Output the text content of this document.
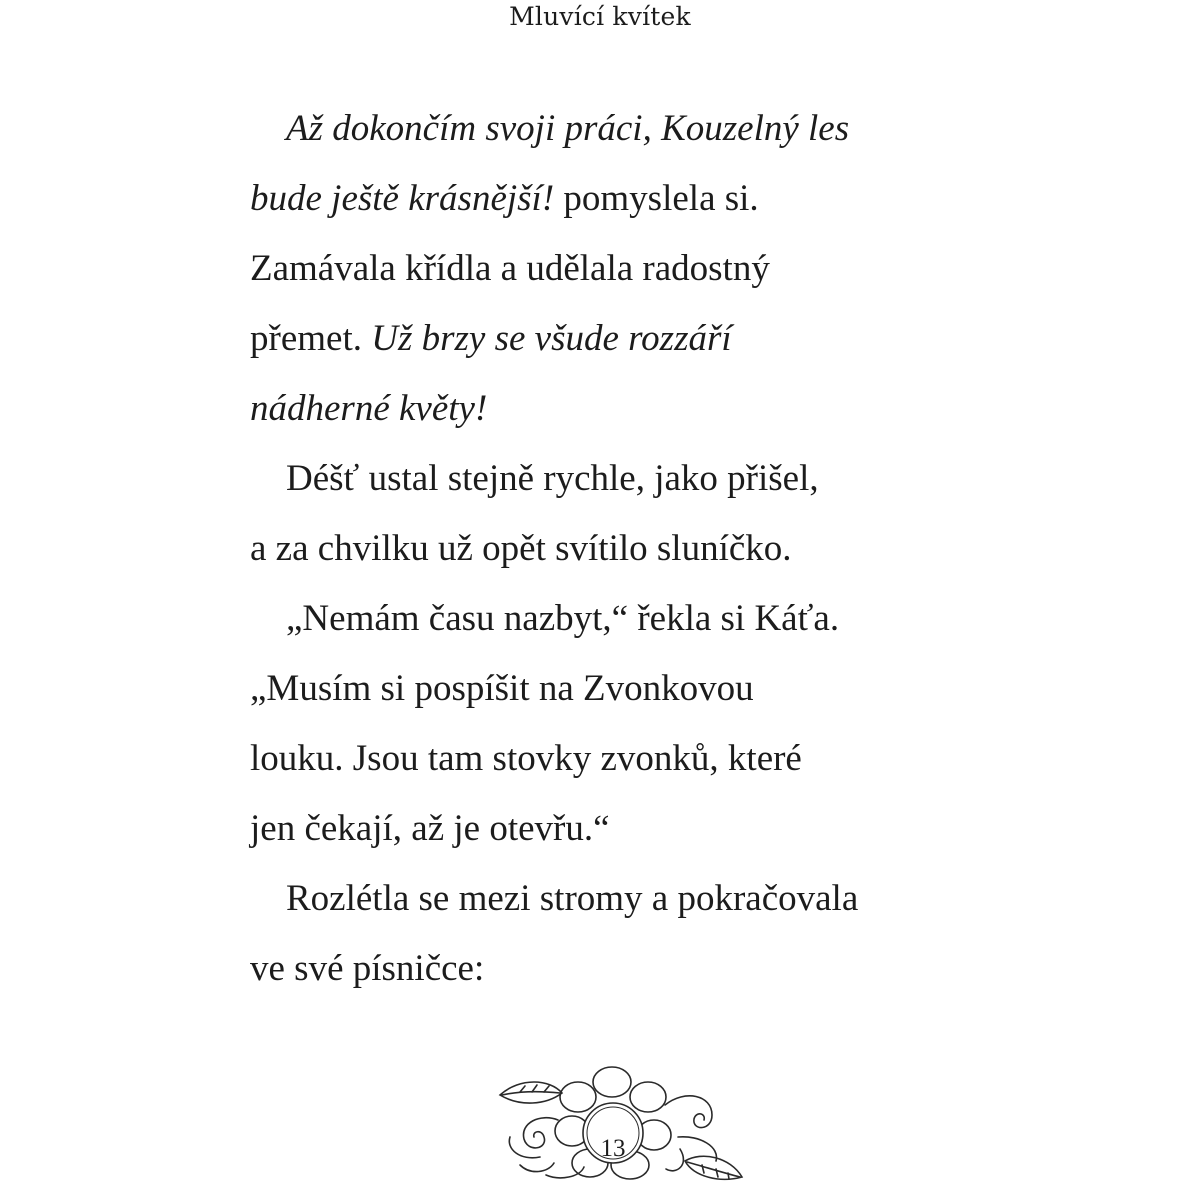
Mluvící kvítek
Až dokončím svoji práci, Kouzelný les
bude ještě krásnější! pomyslela si.
Zamávala křídla a udělala radostný
přemet. Už brzy se všude rozzáří
nádherné květy!
Déšť ustal stejně rychle, jako přišel,
a za chvilku už opět svítilo sluníčko.
„Nemám času nazbyt,“ řekla si Káťa.
„Musím si pospíšit na Zvonkovou
louku. Jsou tam stovky zvonků, které
jen čekají, až je otevřu.“
Rozlétla se mezi stromy a pokračovala
ve své písničce:
13
